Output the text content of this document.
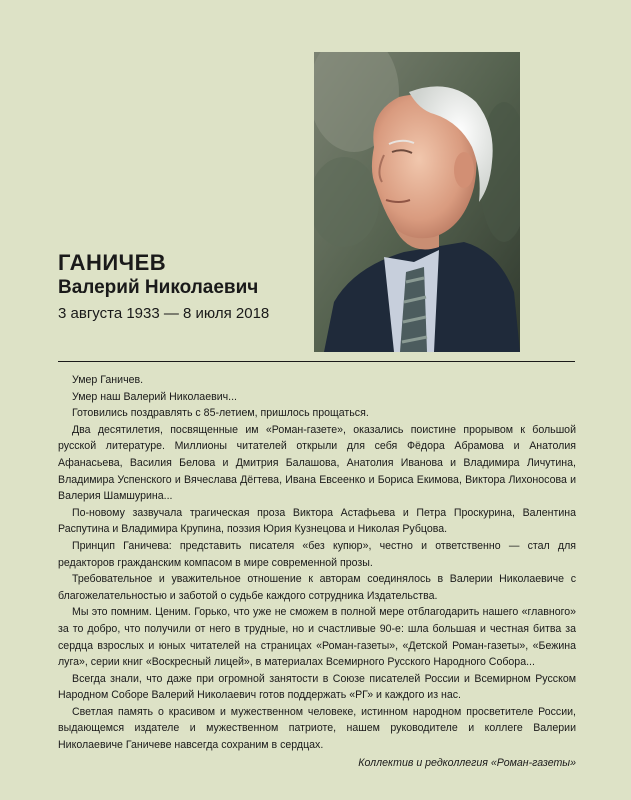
ГАНИЧЕВ
Валерий Николаевич
3 августа 1933 — 8 июля 2018

Умер Ганичев.

Умер наш Валерий Николаевич...

Готовились поздравлять с 85-летием, пришлось прощаться.

Два десятилетия, посвященные им «Роман-газете», оказались поистине прорывом к большой русской литературе. Миллионы читателей открыли для себя Фёдора Абрамова и Анатолия Афанасьева, Василия Белова и Дмитрия Балашова, Анатолия Иванова и Владимира Личутина, Владимира Успенского и Вячеслава Дёгтева, Ивана Евсеенко и Бориса Екимова, Виктора Лихоносова и Валерия Шамшурина...

По-новому зазвучала трагическая проза Виктора Астафьева и Петра Проскурина, Валентина Распутина и Владимира Крупина, поэзия Юрия Кузнецова и Николая Рубцова.

Принцип Ганичева: представить писателя «без купюр», честно и ответственно — стал для редакторов гражданским компасом в мире современной прозы.

Требовательное и уважительное отношение к авторам соединялось в Валерии Николаевиче с благожелательностью и заботой о судьбе каждого сотрудника Издательства.

Мы это помним. Ценим. Горько, что уже не сможем в полной мере отблагодарить нашего «главного» за то добро, что получили от него в трудные, но и счастливые 90-е: шла большая и честная битва за сердца взрослых и юных читателей на страницах «Роман-газеты», «Детской Роман-газеты», «Бежина луга», серии книг «Воскресный лицей», в материалах Всемирного Русского Народного Собора...

Всегда знали, что даже при огромной занятости в Союзе писателей России и Всемирном Русском Народном Соборе Валерий Николаевич готов поддержать «РГ» и каждого из нас.

Светлая память о красивом и мужественном человеке, истинном народном просветителе России, выдающемся издателе и мужественном патриоте, нашем руководителе и коллеге Валерии Николаевиче Ганичеве навсегда сохраним в сердцах.

Коллектив и редколлегия «Роман-газеты»
